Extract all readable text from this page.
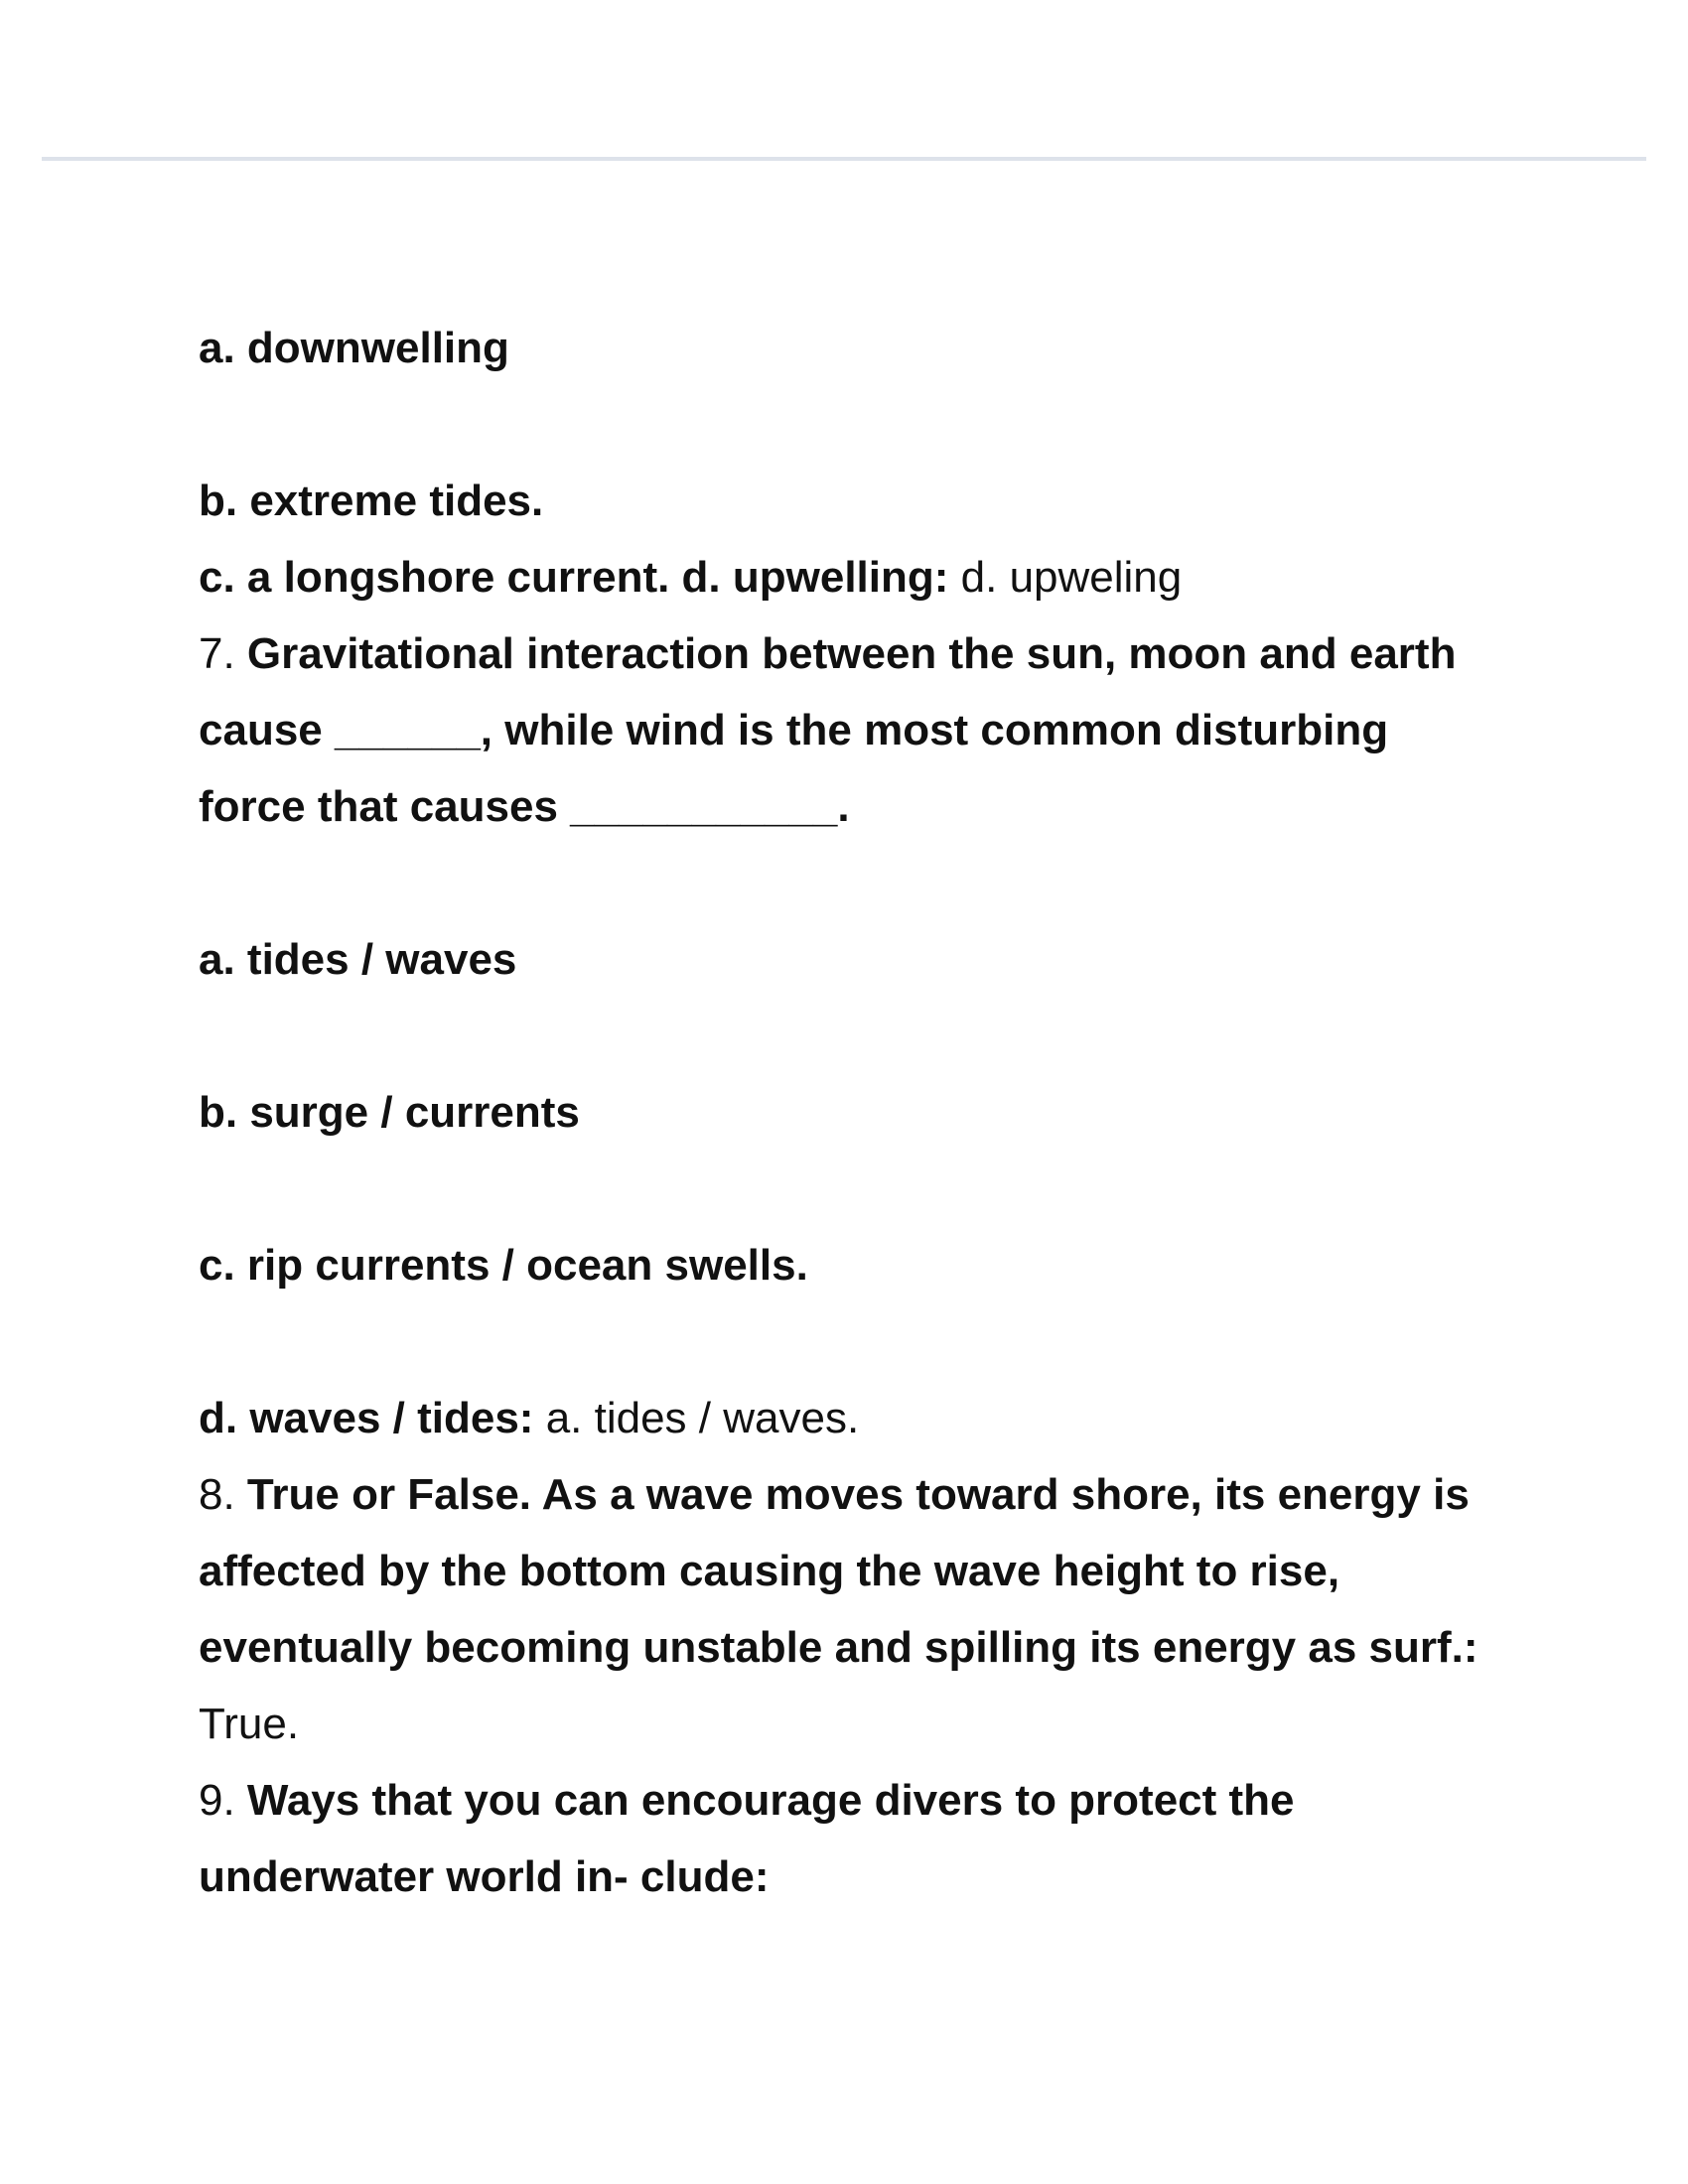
a. downwelling
b. extreme tides.
c. a longshore current. d. upwelling: d. upweling
7. Gravitational interaction between the sun, moon and earth
cause ______, while wind is the most common disturbing
force that causes ___________.
a. tides / waves
b. surge / currents
c. rip currents / ocean swells.
d. waves / tides: a. tides / waves.
8. True or False. As a wave moves toward shore, its energy is
affected by the bottom causing the wave height to rise,
eventually becoming unstable and spilling its energy as surf.:
True.
9. Ways that you can encourage divers to protect the
underwater world in- clude:
